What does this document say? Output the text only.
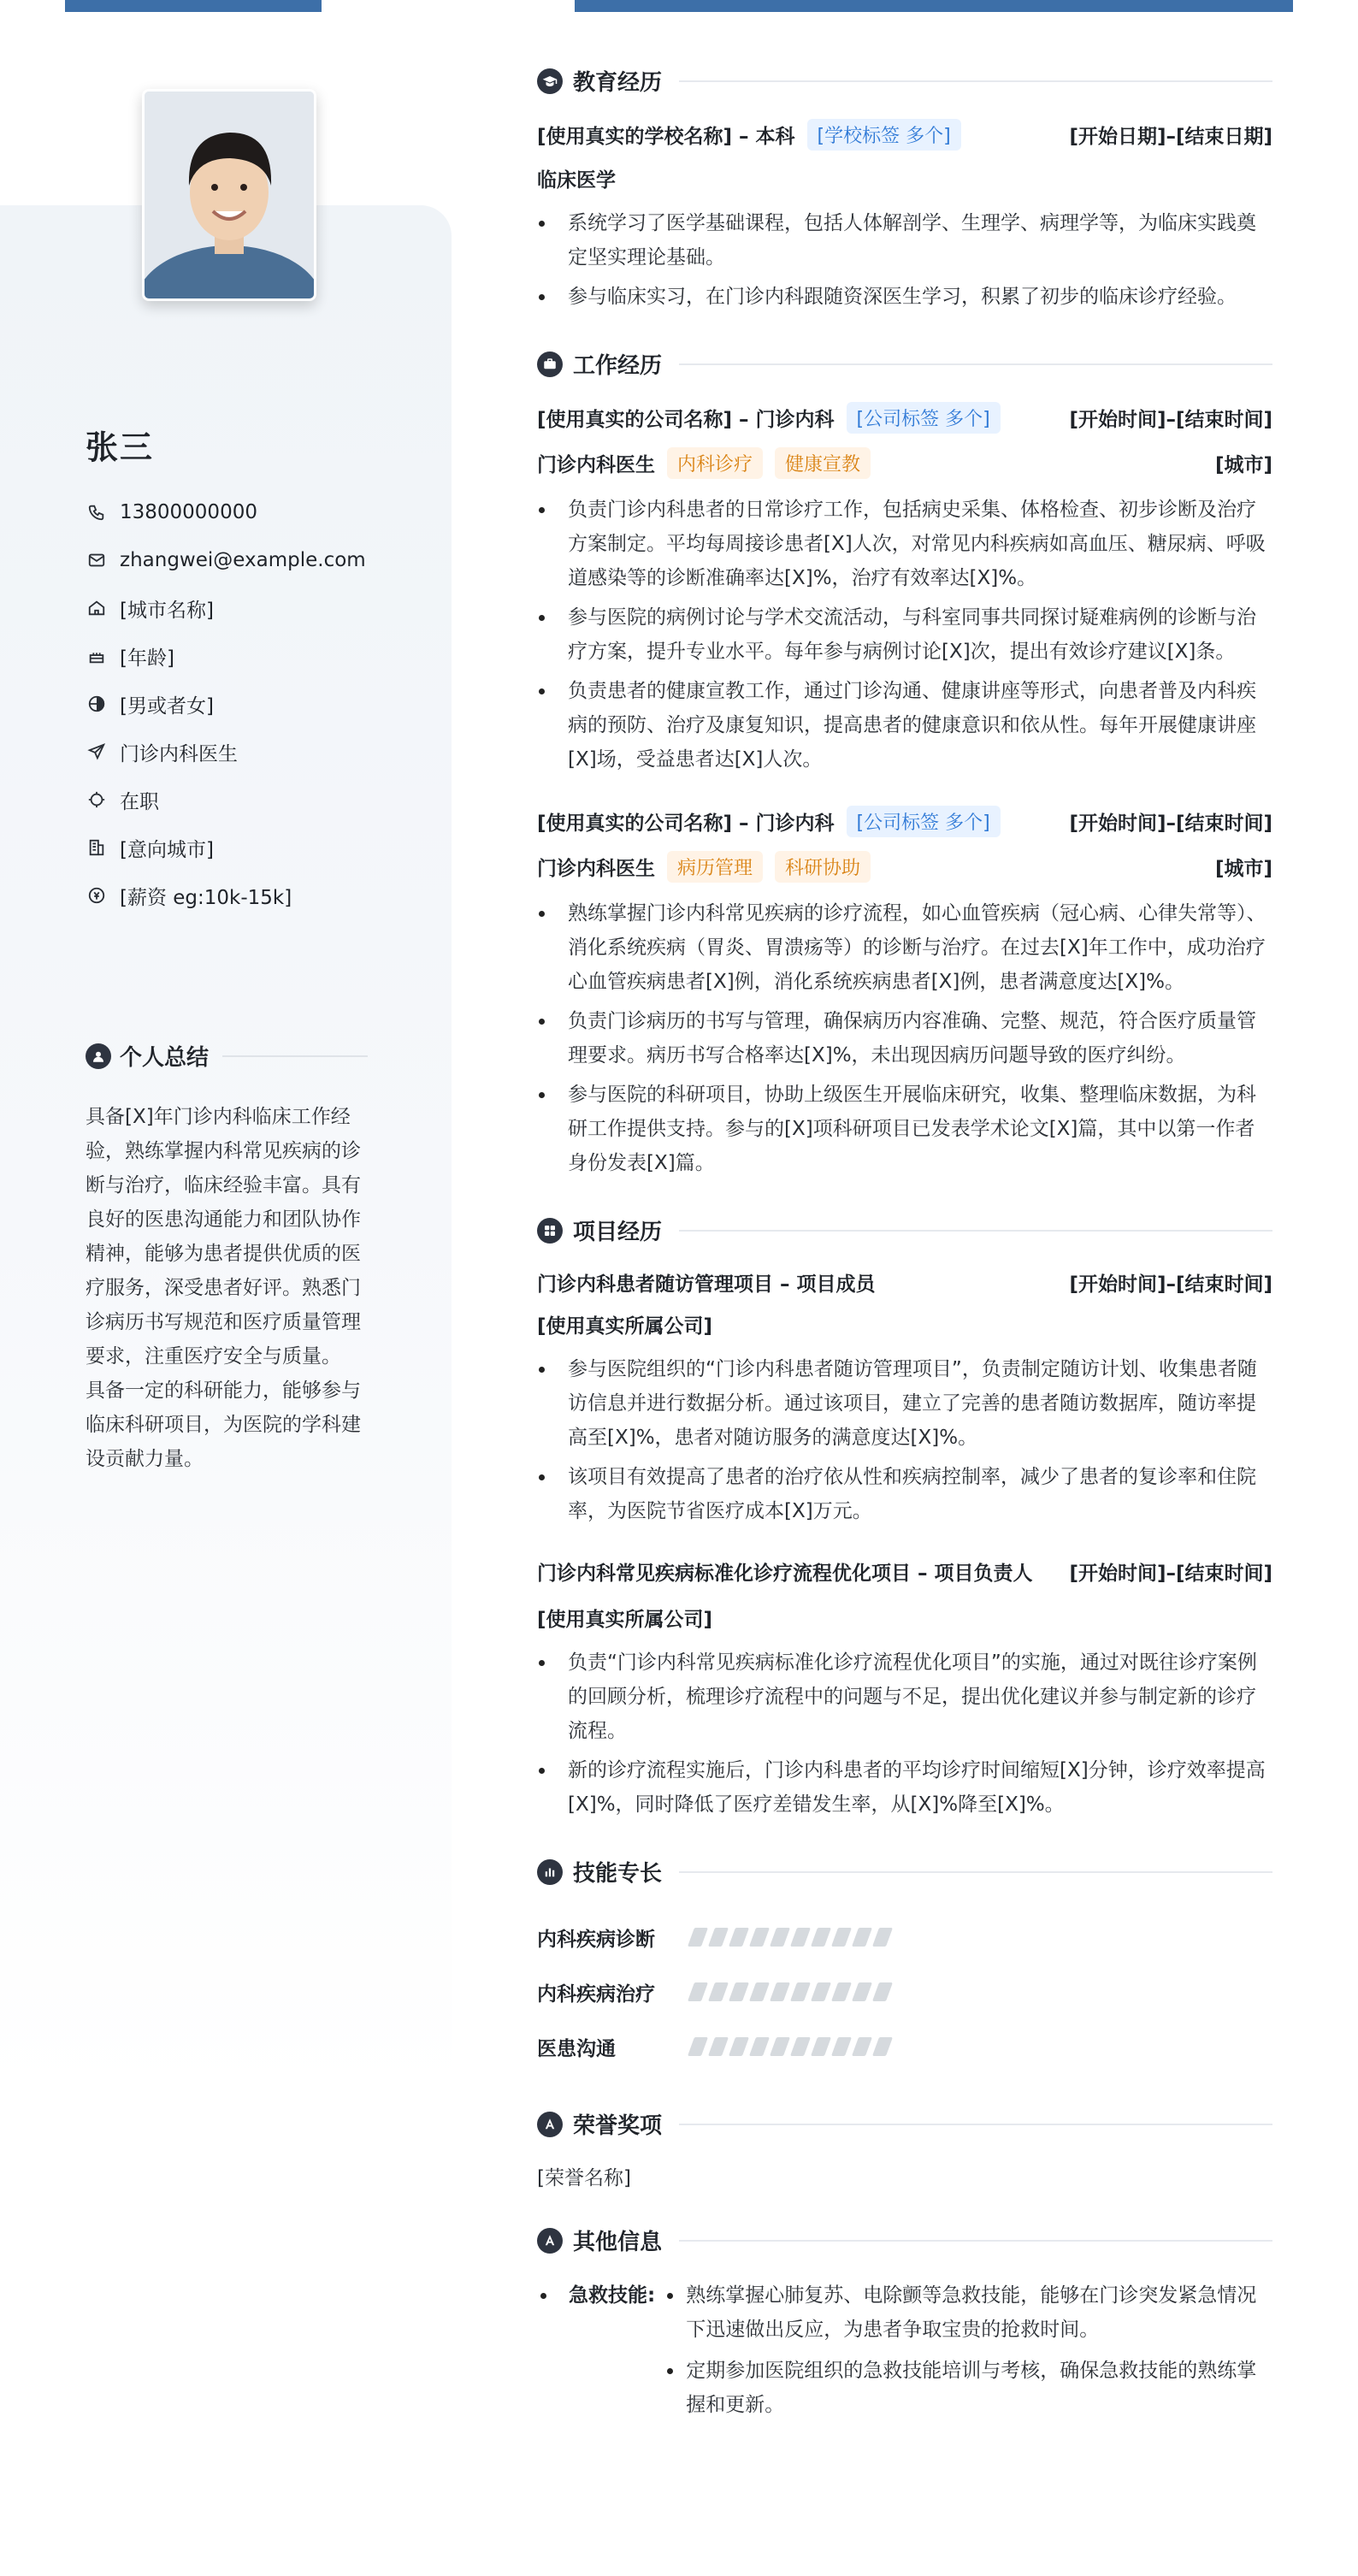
张三
13800000000
zhangwei@example.com
[城市名称]
[年龄]
[男或者女]
门诊内科医生
在职
[意向城市]
[薪资 eg:10k-15k]
个人总结

具备[X]年门诊内科临床工作经验，熟练掌握内科常见疾病的诊断与治疗，临床经验丰富。具有良好的医患沟通能力和团队协作精神，能够为患者提供优质的医疗服务，深受患者好评。熟悉门诊病历书写规范和医疗质量管理要求，注重医疗安全与质量。 具备一定的科研能力，能够参与临床科研项目，为医院的学科建设贡献力量。

教育经历
[使用真实的学校名称] – 本科	[学校标签 多个]	[开始日期]–[结束日期]
临床医学
系统学习了医学基础课程，包括人体解剖学、生理学、病理学等，为临床实践奠定坚实理论基础。
参与临床实习，在门诊内科跟随资深医生学习，积累了初步的临床诊疗经验。
工作经历
[使用真实的公司名称] – 门诊内科	[公司标签 多个]	[开始时间]–[结束时间]
门诊内科医生	内科诊疗	健康宣教	[城市]
负责门诊内科患者的日常诊疗工作，包括病史采集、体格检查、初步诊断及治疗方案制定。平均每周接诊患者[X]人次，对常见内科疾病如高血压、糖尿病、呼吸道感染等的诊断准确率达[X]%，治疗有效率达[X]%。
参与医院的病例讨论与学术交流活动，与科室同事共同探讨疑难病例的诊断与治疗方案，提升专业水平。每年参与病例讨论[X]次，提出有效诊疗建议[X]条。
负责患者的健康宣教工作，通过门诊沟通、健康讲座等形式，向患者普及内科疾病的预防、治疗及康复知识，提高患者的健康意识和依从性。每年开展健康讲座[X]场，受益患者达[X]人次。
[使用真实的公司名称] – 门诊内科	[公司标签 多个]	[开始时间]–[结束时间]
门诊内科医生	病历管理	科研协助	[城市]
熟练掌握门诊内科常见疾病的诊疗流程，如心血管疾病（冠心病、心律失常等）、消化系统疾病（胃炎、胃溃疡等）的诊断与治疗。在过去[X]年工作中，成功治疗心血管疾病患者[X]例，消化系统疾病患者[X]例，患者满意度达[X]%。
负责门诊病历的书写与管理，确保病历内容准确、完整、规范，符合医疗质量管理要求。病历书写合格率达[X]%，未出现因病历问题导致的医疗纠纷。
参与医院的科研项目，协助上级医生开展临床研究，收集、整理临床数据，为科研工作提供支持。参与的[X]项科研项目已发表学术论文[X]篇，其中以第一作者身份发表[X]篇。
项目经历
门诊内科患者随访管理项目 – 项目成员	[开始时间]–[结束时间]
[使用真实所属公司]
参与医院组织的“门诊内科患者随访管理项目”，负责制定随访计划、收集患者随访信息并进行数据分析。通过该项目，建立了完善的患者随访数据库，随访率提高至[X]%，患者对随访服务的满意度达[X]%。
该项目有效提高了患者的治疗依从性和疾病控制率，减少了患者的复诊率和住院率，为医院节省医疗成本[X]万元。
门诊内科常见疾病标准化诊疗流程优化项目 – 项目负责人 [开始时间]–[结束时间]
[使用真实所属公司]
负责“门诊内科常见疾病标准化诊疗流程优化项目”的实施，通过对既往诊疗案例的回顾分析，梳理诊疗流程中的问题与不足，提出优化建议并参与制定新的诊疗流程。
新的诊疗流程实施后，门诊内科患者的平均诊疗时间缩短[X]分钟，诊疗效率提高[X]%，同时降低了医疗差错发生率，从[X]%降至[X]%。
技能专长
内科疾病诊断
内科疾病治疗
医患沟通
荣誉奖项
[荣誉名称]
其他信息
急救技能:	熟练掌握心肺复苏、电除颤等急救技能，能够在门诊突发紧急情况下迅速做出反应，为患者争取宝贵的抢救时间。
定期参加医院组织的急救技能培训与考核，确保急救技能的熟练掌握和更新。
